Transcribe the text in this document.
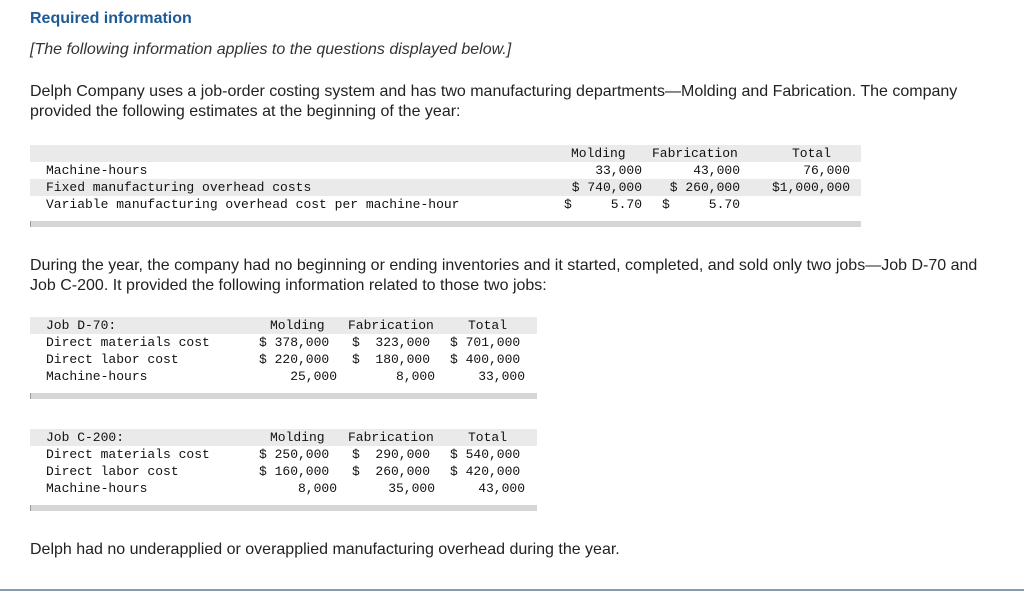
Required information
[The following information applies to the questions displayed below.]
Delph Company uses a job-order costing system and has two manufacturing departments—Molding and Fabrication. The company provided the following estimates at the beginning of the year:
Molding Fabrication	Total
Machine-hours	33,000	43,000	76,000
Fixed manufacturing overhead costs	$ 740,000	$ 260,000	$1,000,000
Variable manufacturing overhead cost per machine-hour	$     5.70 $     5.70
During the year, the company had no beginning or ending inventories and it started, completed, and sold only two jobs—Job D-70 and Job C-200. It provided the following information related to those two jobs:
Job D-70:	Molding Fabrication	Total
Direct materials cost	$ 378,000 $  323,000 $ 701,000
Direct labor cost	$ 220,000 $  180,000 $ 400,000
Machine-hours	25,000	8,000	33,000
Job C-200:	Molding Fabrication	Total
Direct materials cost	$ 250,000 $  290,000 $ 540,000
Direct labor cost	$ 160,000 $  260,000 $ 420,000
Machine-hours	8,000	35,000	43,000
Delph had no underapplied or overapplied manufacturing overhead during the year.
